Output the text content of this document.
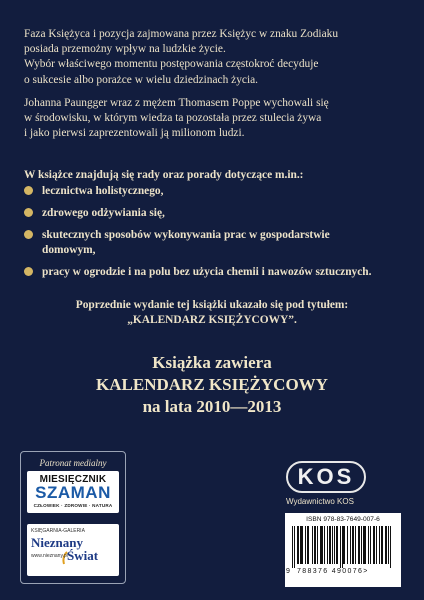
Faza Księżyca i pozycja zajmowana przez Księżyc w znaku Zodiaku
posiada przemożny wpływ na ludzkie życie.
Wybór właściwego momentu postępowania częstokroć decyduje
o sukcesie albo porażce w wielu dziedzinach życia.

Johanna Paungger wraz z mężem Thomasem Poppe wychowali się
w środowisku, w którym wiedza ta pozostała przez stulecia żywa
i jako pierwsi zaprezentowali ją milionom ludzi.

W książce znajdują się rady oraz porady dotyczące m.in.:

lecznictwa holistycznego,
zdrowego odżywiania się,
skutecznych sposobów wykonywania prac w gospodarstwie domowym,
pracy w ogrodzie i na polu bez użycia chemii i nawozów sztucznych.

Poprzednie wydanie tej książki ukazało się pod tytułem:

„KALENDARZ KSIĘŻYCOWY”.

Książka zawiera

KALENDARZ KSIĘŻYCOWY

na lata 2010—2013

Patronat medialny
MIESIĘCZNIK
SZAMAN
CZŁOWIEK · ZDROWIE · NATURA
KSIĘGARNIA-GALERIA
Nieznany
Świat
www.nieznany.pl
KOS
Wydawnictwo KOS
ISBN 978-83-7649-007-6
9 788376 490076>
